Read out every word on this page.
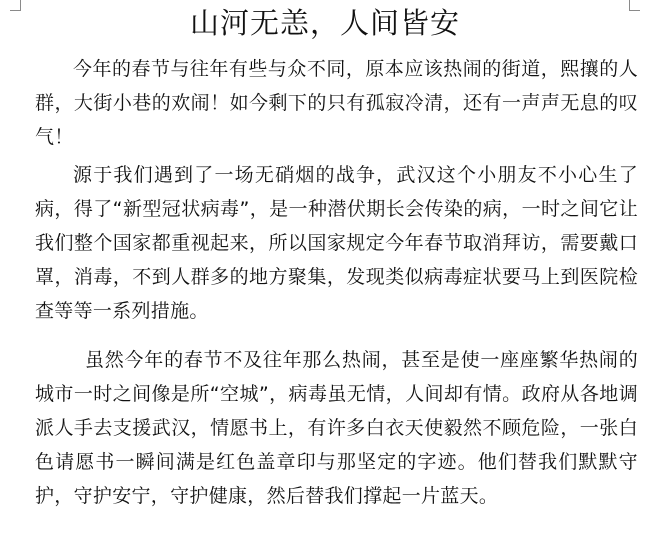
山河无恙，人间皆安

今年的春节与往年有些与众不同，原本应该热闹的街道，熙攘的人群，大街小巷的欢闹！如今剩下的只有孤寂冷清，还有一声声无息的叹气！

源于我们遇到了一场无硝烟的战争，武汉这个小朋友不小心生了病，得了“新型冠状病毒”，是一种潜伏期长会传染的病，一时之间它让我们整个国家都重视起来，所以国家规定今年春节取消拜访，需要戴口罩，消毒，不到人群多的地方聚集，发现类似病毒症状要马上到医院检查等等一系列措施。

虽然今年的春节不及往年那么热闹，甚至是使一座座繁华热闹的城市一时之间像是所“空城”，病毒虽无情，人间却有情。政府从各地调派人手去支援武汉，情愿书上，有许多白衣天使毅然不顾危险，一张白色请愿书一瞬间满是红色盖章印与那坚定的字迹。他们替我们默默守护，守护安宁，守护健康，然后替我们撑起一片蓝天。
